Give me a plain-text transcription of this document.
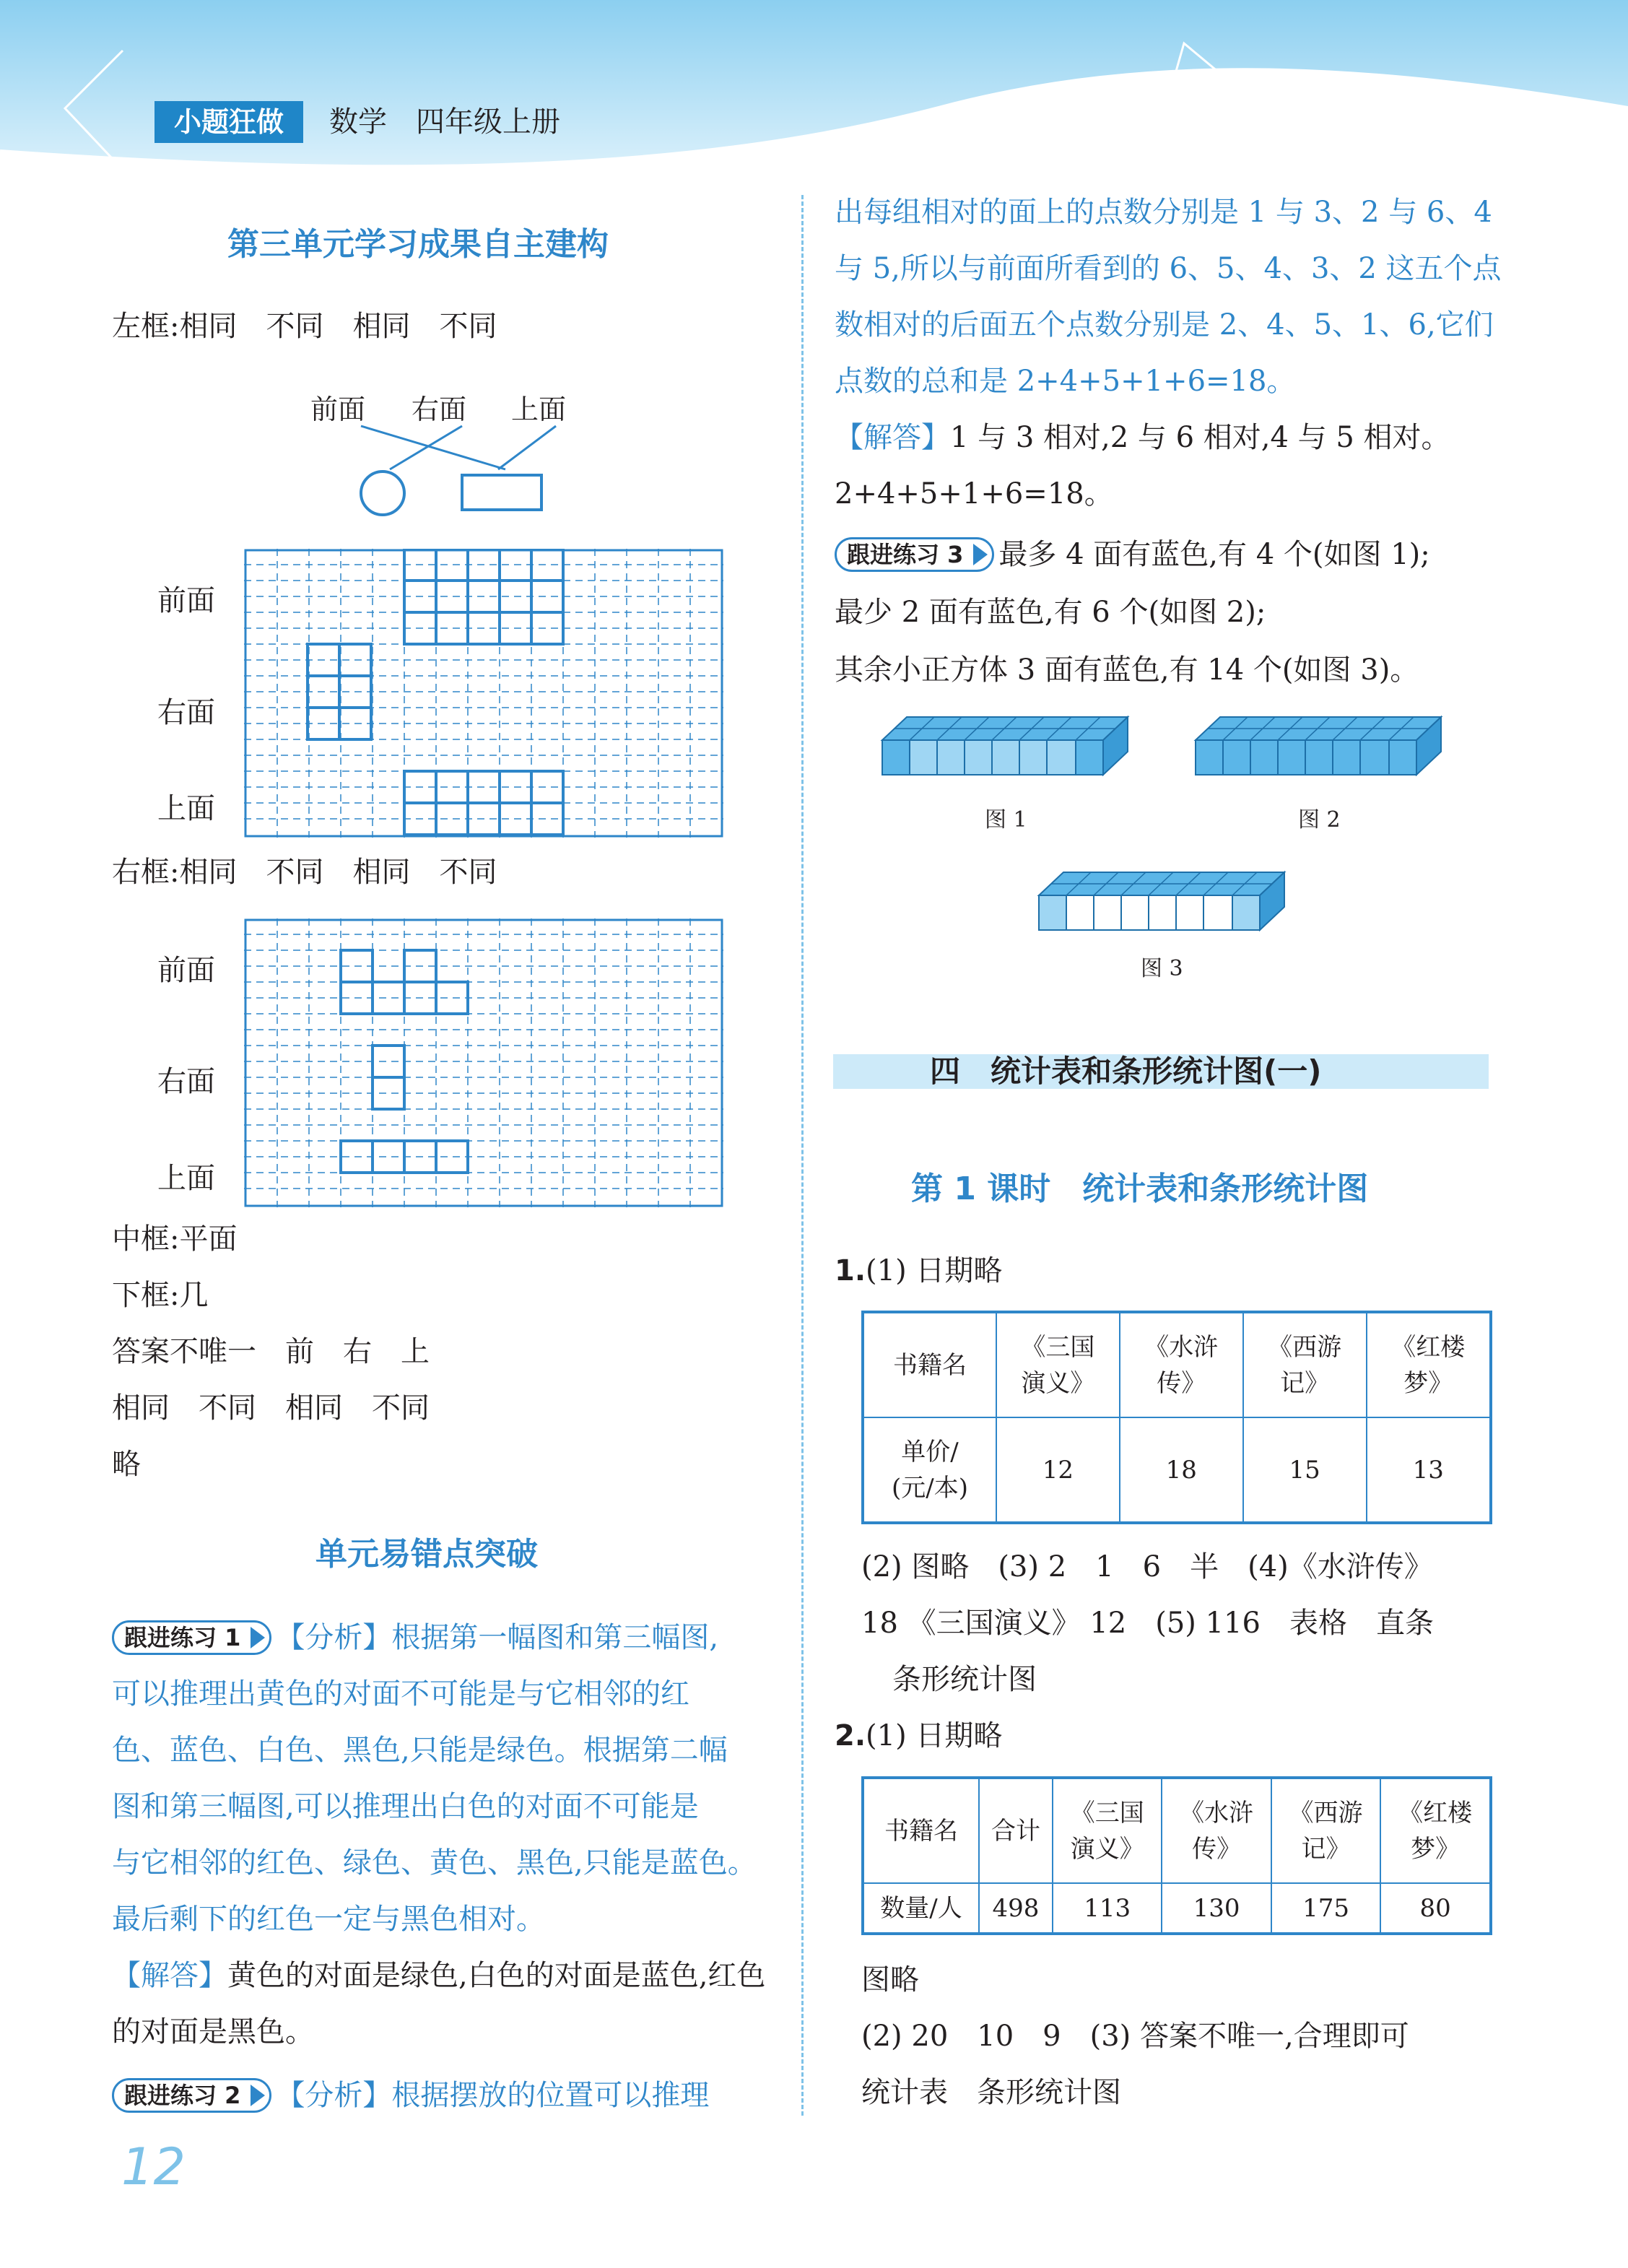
小题狂做	数学 四年级上册
第三单元学习成果自主建构
左框:相同　不同　相同　不同
前面 右面 上面
前面
右面
上面
右框:相同　不同　相同　不同
前面
右面
上面
中框:平面
下框:几
答案不唯一　前　右　上
相同　不同　相同　不同
略
单元易错点突破
跟进练习 1 【分析】根据第一幅图和第三幅图,
可以推理出黄色的对面不可能是与它相邻的红
色、蓝色、白色、黑色,只能是绿色。根据第二幅
图和第三幅图,可以推理出白色的对面不可能是
与它相邻的红色、绿色、黄色、黑色,只能是蓝色。
最后剩下的红色一定与黑色相对。
【解答】黄色的对面是绿色,白色的对面是蓝色,红色
的对面是黑色。
跟进练习 2 【分析】根据摆放的位置可以推理
12
出每组相对的面上的点数分别是 1 与 3、2 与 6、4
与 5,所以与前面所看到的 6、5、4、3、2 这五个点
数相对的后面五个点数分别是 2、4、5、1、6,它们
点数的总和是 2+4+5+1+6=18。
【解答】1 与 3 相对,2 与 6 相对,4 与 5 相对。
2+4+5+1+6=18。
跟进练习 3 最多 4 面有蓝色,有 4 个(如图 1);
最少 2 面有蓝色,有 6 个(如图 2);
其余小正方体 3 面有蓝色,有 14 个(如图 3)。
图 1	图 2
图 3
四　统计表和条形统计图(一)
第 1 课时　统计表和条形统计图
1.(1) 日期略
书籍名	《三国
演义》	《水浒
传》	《西游
记》	《红楼
梦》
单价/
(元/本)	12	18	15	13
(2) 图略　(3) 2　1　6　半　(4)《水浒传》
18 《三国演义》 12　(5) 116　表格　直条
条形统计图
2.(1) 日期略
书籍名	合计	《三国
演义》	《水浒
传》	《西游
记》	《红楼
梦》
数量/人	498	113	130	175	80
图略
(2) 20　10　9　(3) 答案不唯一,合理即可
统计表　条形统计图
